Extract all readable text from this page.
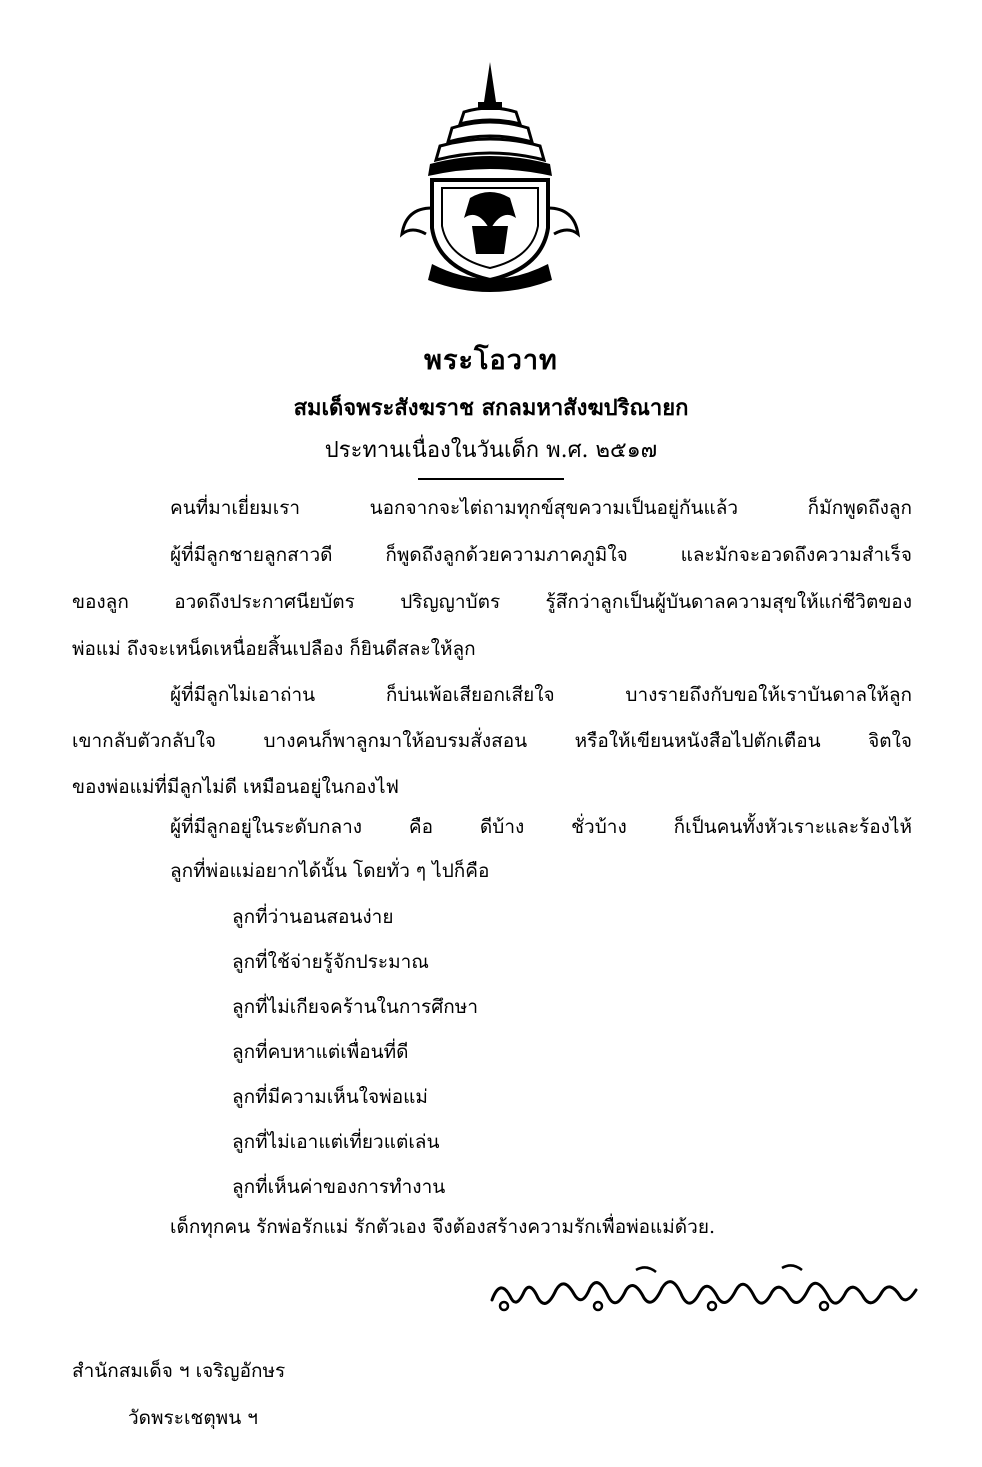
พระโอวาท
สมเด็จพระสังฆราช สกลมหาสังฆปริณายก
ประทานเนื่องในวันเด็ก พ.ศ. ๒๕๑๗
คนที่มาเยี่ยมเรา นอกจากจะไต่ถามทุกข์สุขความเป็นอยู่กันแล้ว ก็มักพูดถึงลูก
ผู้ที่มีลูกชายลูกสาวดี ก็พูดถึงลูกด้วยความภาคภูมิใจ และมักจะอวดถึงความสำเร็จ
ของลูก อวดถึงประกาศนียบัตร ปริญญาบัตร รู้สึกว่าลูกเป็นผู้บันดาลความสุขให้แก่ชีวิตของ
พ่อแม่ ถึงจะเหน็ดเหนื่อยสิ้นเปลือง ก็ยินดีสละให้ลูก
ผู้ที่มีลูกไม่เอาถ่าน ก็บ่นเพ้อเสียอกเสียใจ บางรายถึงกับขอให้เราบันดาลให้ลูก
เขากลับตัวกลับใจ บางคนก็พาลูกมาให้อบรมสั่งสอน หรือให้เขียนหนังสือไปตักเตือน จิตใจ
ของพ่อแม่ที่มีลูกไม่ดี เหมือนอยู่ในกองไฟ
ผู้ที่มีลูกอยู่ในระดับกลาง คือ ดีบ้าง ชั่วบ้าง ก็เป็นคนทั้งหัวเราะและร้องไห้
ลูกที่พ่อแม่อยากได้นั้น โดยทั่ว ๆ ไปก็คือ
ลูกที่ว่านอนสอนง่าย
ลูกที่ใช้จ่ายรู้จักประมาณ
ลูกที่ไม่เกียจคร้านในการศึกษา
ลูกที่คบหาแต่เพื่อนที่ดี
ลูกที่มีความเห็นใจพ่อแม่
ลูกที่ไม่เอาแต่เที่ยวแต่เล่น
ลูกที่เห็นค่าของการทำงาน
เด็กทุกคน รักพ่อรักแม่ รักตัวเอง จึงต้องสร้างความรักเพื่อพ่อแม่ด้วย.
สำนักสมเด็จ ฯ เจริญอักษร
วัดพระเชตุพน ฯ
